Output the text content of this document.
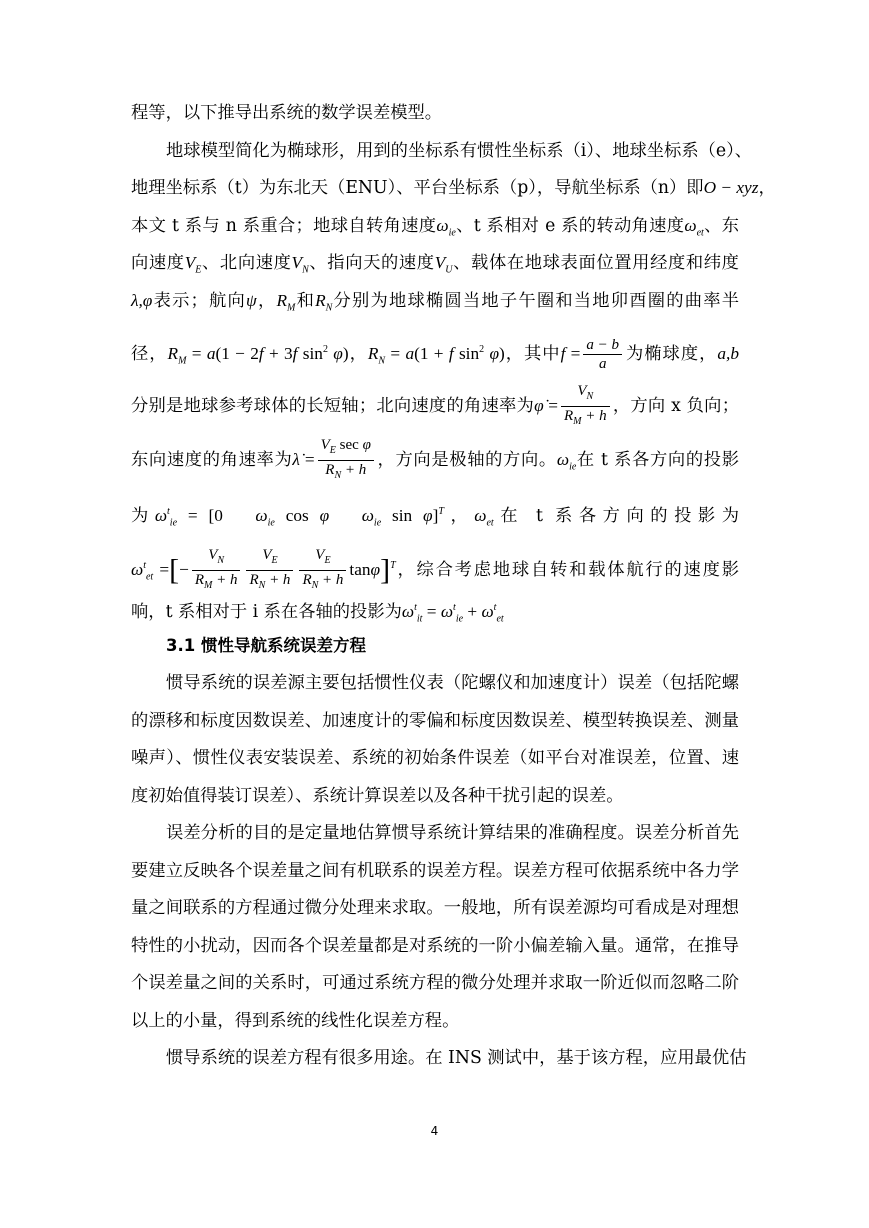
程等，以下推导出系统的数学误差模型。
地球模型简化为椭球形，用到的坐标系有惯性坐标系（i）、地球坐标系（e）、
地理坐标系（t）为东北天（ENU）、平台坐标系（p），导航坐标系（n）即O − xyz，
本文 t 系与 n 系重合；地球自转角速度$\omega_{ie}$、t 系相对 e 系的转动角速度$\omega_{et}$、东
向速度$V_E$、北向速度$V_N$、指向天的速度$V_U$、载体在地球表面位置用经度和纬度
λ,φ表示；航向ψ，$R_M$和$R_N$分别为地球椭圆当地子午圈和当地卯酉圈的曲率半
径，$R_M = a(1 - 2f + 3f$ $\sin^2 \varphi$)，$R_N = a(1 + f$ $\sin^2 \varphi$)，其中$f = \frac{a - b}{a}$ 为椭球度，a,b
分别是地球参考球体的长短轴；北向速度的角速率为φ̇ = $\frac{V_N}{R_M + h}$ ，方向 x 负向；
东向速度的角速率为λ̇ = $\frac{V_E \sec \varphi}{R_N + h}$ ，方向是极轴的方向。$\omega_{ie}$在 t 系各方向的投影
为$\omega^t_{ie} = [0$   $\omega_{ie}$ cos φ $\omega_{ie}$ sin φ]$^T$，$\omega_{et}$在 t 系各方向的投影为
$\omega^t_{et}$ =[− $\frac{V_N}{R_M + h} \frac{V_E}{R_N + h} \frac{V_E}{R_N + h} \tan\varphi]^T$，综合考虑地球自转和载体航行的速度影
响，t 系相对于 i 系在各轴的投影为$\omega^t_{it} = \omega^t_{ie} + \omega^t_{et}$
3.1 惯性导航系统误差方程
惯导系统的误差源主要包括惯性仪表（陀螺仪和加速度计）误差（包括陀螺
的漂移和标度因数误差、加速度计的零偏和标度因数误差、模型转换误差、测量
噪声）、惯性仪表安装误差、系统的初始条件误差（如平台对准误差，位置、速
度初始值得装订误差）、系统计算误差以及各种干扰引起的误差。
误差分析的目的是定量地估算惯导系统计算结果的准确程度。误差分析首先
要建立反映各个误差量之间有机联系的误差方程。误差方程可依据系统中各力学
量之间联系的方程通过微分处理来求取。一般地，所有误差源均可看成是对理想
特性的小扰动，因而各个误差量都是对系统的一阶小偏差输入量。通常，在推导
个误差量之间的关系时，可通过系统方程的微分处理并求取一阶近似而忽略二阶
以上的小量，得到系统的线性化误差方程。
惯导系统的误差方程有很多用途。在 INS 测试中，基于该方程，应用最优估
4
